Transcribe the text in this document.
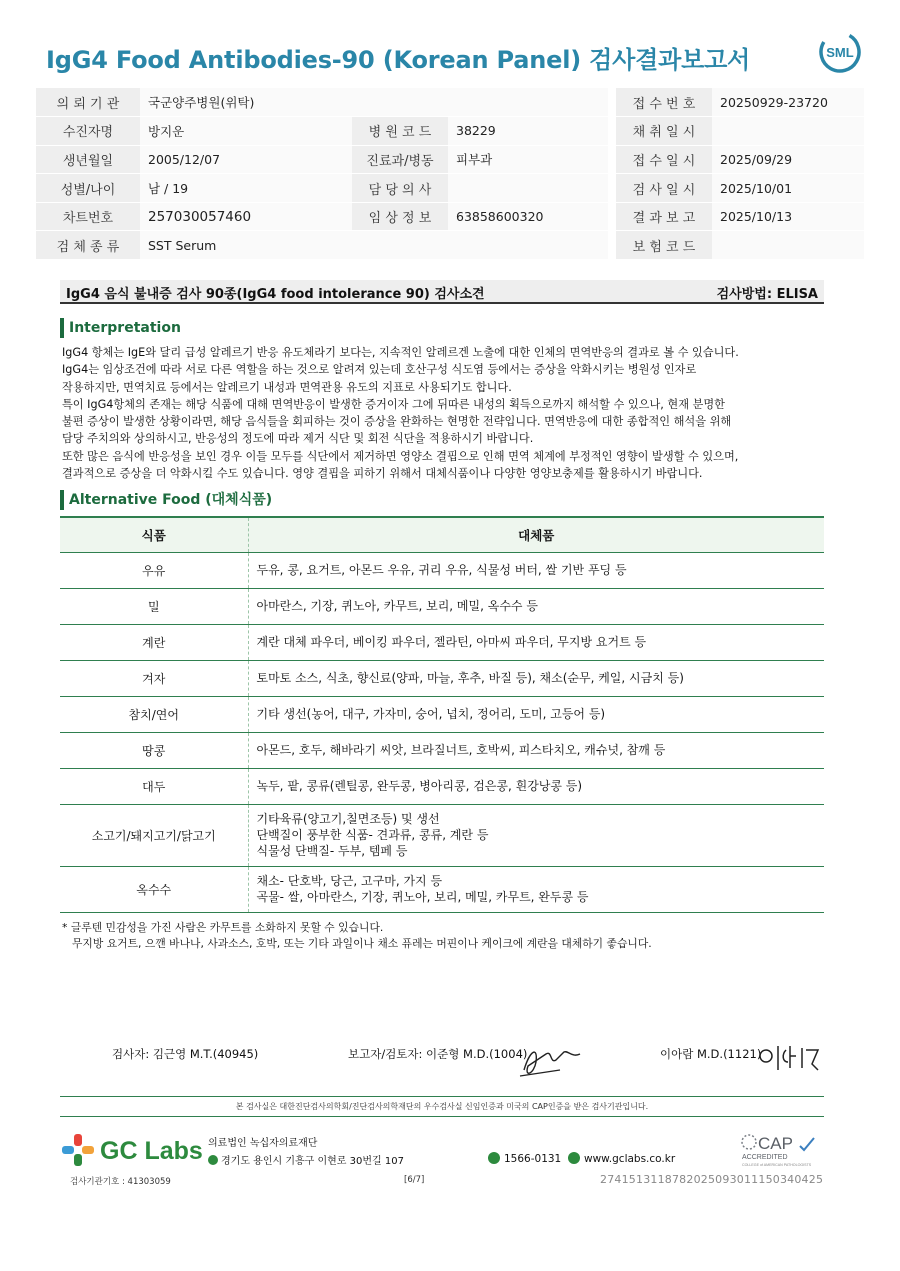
IgG4 Food Antibodies-90 (Korean Panel) 검사결과보고서	SML
의 뢰 기 관	국군양주병원(위탁)				접 수 번 호	20250929-23720
수진자명	방지운	병 원 코 드	38229		채 취 일 시	
생년월일	2005/12/07	진료과/병동	피부과		접 수 일 시	2025/09/29
성별/나이	남 / 19	담 당 의 사			검 사 일 시	2025/10/01
차트번호	257030057460	임 상 정 보	63858600320		결 과 보 고	2025/10/13
검 체 종 류	SST Serum				보 험 코 드	
IgG4 음식 불내증 검사 90종(IgG4 food intolerance 90) 검사소견	검사방법: ELISA
Interpretation

IgG4 항체는 IgE와 달리 급성 알레르기 반응 유도체라기 보다는, 지속적인 알레르겐 노출에 대한 인체의 면역반응의 결과로 볼 수 있습니다.

IgG4는 임상조건에 따라 서로 다른 역할을 하는 것으로 알려져 있는데 호산구성 식도염 등에서는 증상을 악화시키는 병원성 인자로

작용하지만, 면역치료 등에서는 알레르기 내성과 면역관용 유도의 지표로 사용되기도 합니다.

특이 IgG4항체의 존재는 해당 식품에 대해 면역반응이 발생한 증거이자 그에 뒤따른 내성의 획득으로까지 해석할 수 있으나, 현재 분명한

불편 증상이 발생한 상황이라면, 해당 음식들을 회피하는 것이 증상을 완화하는 현명한 전략입니다. 면역반응에 대한 종합적인 해석을 위해

담당 주치의와 상의하시고, 반응성의 정도에 따라 제거 식단 및 회전 식단을 적용하시기 바랍니다.

또한 많은 음식에 반응성을 보인 경우 이들 모두를 식단에서 제거하면 영양소 결핍으로 인해 면역 체계에 부정적인 영향이 발생할 수 있으며,

결과적으로 증상을 더 악화시킬 수도 있습니다. 영양 결핍을 피하기 위해서 대체식품이나 다양한 영양보충제를 활용하시기 바랍니다.

Alternative Food (대체식품)
식품	대체품
우유	두유, 콩, 요거트, 아몬드 우유, 귀리 우유, 식물성 버터, 쌀 기반 푸딩 등

밀	아마란스, 기장, 퀴노아, 카무트, 보리, 메밀, 옥수수 등

계란	계란 대체 파우더, 베이킹 파우더, 젤라틴, 아마씨 파우더, 무지방 요거트 등

겨자	토마토 소스, 식초, 향신료(양파, 마늘, 후추, 바질 등), 채소(순무, 케일, 시금치 등)

참치/연어	기타 생선(농어, 대구, 가자미, 숭어, 넙치, 정어리, 도미, 고등어 등)

땅콩	아몬드, 호두, 해바라기 씨앗, 브라질너트, 호박씨, 피스타치오, 캐슈넛, 참깨 등

대두	녹두, 팥, 콩류(렌틸콩, 완두콩, 병아리콩, 검은콩, 흰강낭콩 등)

소고기/돼지고기/닭고기	기타육류(양고기,칠면조등) 및 생선
단백질이 풍부한 식품- 견과류, 콩류, 계란 등
식물성 단백질- 두부, 템페 등

옥수수	채소- 단호박, 당근, 고구마, 가지 등
곡물- 쌀, 아마란스, 기장, 퀴노아, 보리, 메밀, 카무트, 완두콩 등

* 글루텐 민감성을 가진 사람은 카무트를 소화하지 못할 수 있습니다.

무지방 요거트, 으깬 바나나, 사과소스, 호박, 또는 기타 과일이나 채소 퓨레는 머핀이나 케이크에 계란을 대체하기 좋습니다.

검사자: 김근영 M.T.(40945)	보고자/검토자: 이준형 M.D.(1004)	이아람 M.D.(1121)
본 검사실은 대한진단검사의학회/진단검사의학재단의 우수검사실 신임인증과 미국의 CAP인증을 받은 검사기관입니다.
GC Labs 의료법인 녹십자의료재단
경기도 용인시 기흥구 이현로 30번길 107	1566-0131	www.gclabs.co.kr
CAP
ACCREDITED
COLLEGE of AMERICAN PATHOLOGISTS
검사기관기호 : 41303059	[6/7]	274151311878202509301115034042​5
